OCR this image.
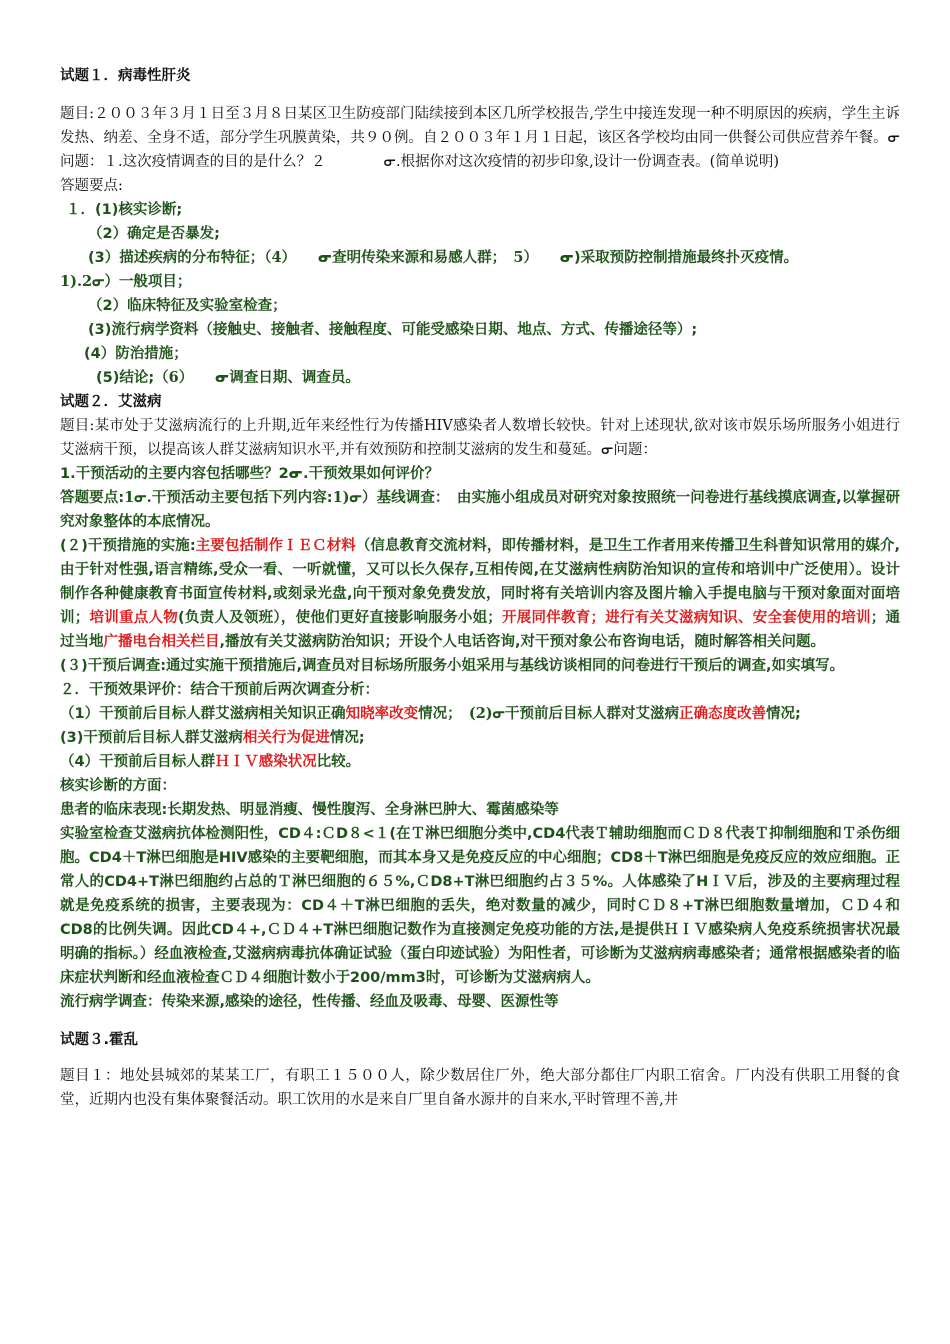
试题１．病毒性肝炎

题目:２００３年３月１日至３月８日某区卫生防疫部门陆续接到本区几所学校报告,学生中接连发现一种不明原因的疾病，学生主诉发热、纳差、全身不适，部分学生巩膜黄染，共９０例。自２００３年１月１日起，该区各学校均由同一供餐公司供应营养午餐。ᓂ问题：１.这次疫情调查的目的是什么？２　　　　ᓂ.根据你对这次疫情的初步印象,设计一份调查表。(简单说明)

答题要点:

１．(1)核实诊断;

（2）确定是否暴发;

(3）描述疾病的分布特征；（4）　　ᓂ查明传染来源和易感人群；　 5）　　ᓂ)采取预防控制措施最终扑灭疫情。

1).2ᓂ）一般项目；

（2）临床特征及实验室检查；

(3)流行病学资料（接触史、接触者、接触程度、可能受感染日期、地点、方式、传播途径等）;

(4）防治措施；

(5)结论;（6）　　ᓂ调查日期、调查员。

试题２．艾滋病

题目:某市处于艾滋病流行的上升期,近年来经性行为传播HIV感染者人数增长较快。针对上述现状,欲对该市娱乐场所服务小姐进行艾滋病干预，以提高该人群艾滋病知识水平,并有效预防和控制艾滋病的发生和蔓延。ᓂ问题：

1.干预活动的主要内容包括哪些？2ᓂ.干预效果如何评价？

答题要点:1ᓂ.干预活动主要包括下列内容:1)ᓂ）基线调查：　由实施小组成员对研究对象按照统一问卷进行基线摸底调查,以掌握研究对象整体的本底情况。

(２)干预措施的实施:主要包括制作ＩＥＣ材料（信息教育交流材料，即传播材料，是卫生工作者用来传播卫生科普知识常用的媒介,由于针对性强,语言精练,受众一看、一听就懂，又可以长久保存,互相传阅,在艾滋病性病防治知识的宣传和培训中广泛使用）。设计制作各种健康教育书面宣传材料,或刻录光盘,向干预对象免费发放，同时将有关培训内容及图片输入手提电脑与干预对象面对面培训；培训重点人物(负责人及领班），使他们更好直接影响服务小姐；开展同伴教育；进行有关艾滋病知识、安全套使用的培训；通过当地广播电台相关栏目,播放有关艾滋病防治知识；开设个人电话咨询,对干预对象公布咨询电话，随时解答相关问题。

(３)干预后调查:通过实施干预措施后,调查员对目标场所服务小姐采用与基线访谈相同的问卷进行干预后的调查,如实填写。

２．干预效果评价：结合干预前后两次调查分析：

（1）干预前后目标人群艾滋病相关知识正确知晓率改变情况；　 (2)ᓂ干预前后目标人群对艾滋病正确态度改善情况;

(3)干预前后目标人群艾滋病相关行为促进情况;

（4）干预前后目标人群ＨＩＶ感染状况比较。

核实诊断的方面：

患者的临床表现:长期发热、明显消瘦、慢性腹泻、全身淋巴肿大、霉菌感染等

实验室检查艾滋病抗体检测阳性，CD４:ＣD８<１(在Ｔ淋巴细胞分类中,CD4代表Ｔ辅助细胞而ＣＤ８代表Ｔ抑制细胞和Ｔ杀伤细胞。CD4＋T淋巴细胞是HIV感染的主要靶细胞，而其本身又是免疫反应的中心细胞；CD8＋T淋巴细胞是免疫反应的效应细胞。正常人的CD4+T淋巴细胞约占总的Ｔ淋巴细胞的６５%,ＣD8+T淋巴细胞约占３５%。人体感染了HＩＶ后，涉及的主要病理过程就是免疫系统的损害，主要表现为：CD４＋T淋巴细胞的丢失，绝对数量的减少，同时ＣＤ８+T淋巴细胞数量增加，ＣＤ４和CD8的比例失调。因此CD４+,ＣＤ４+T淋巴细胞记数作为直接测定免疫功能的方法,是提供ＨＩＶ感染病人免疫系统损害状况最明确的指标。）经血液检查,艾滋病病毒抗体确证试验（蛋白印迹试验）为阳性者，可诊断为艾滋病病毒感染者；通常根据感染者的临床症状判断和经血液检查ＣＤ４细胞计数小于200/mm3时，可诊断为艾滋病病人。

流行病学调查：传染来源,感染的途径，性传播、经血及吸毒、母婴、医源性等

试题３.霍乱

题目１：地处县城郊的某某工厂，有职工１５００人，除少数居住厂外，绝大部分都住厂内职工宿舍。厂内没有供职工用餐的食堂，近期内也没有集体聚餐活动。职工饮用的水是来自厂里自备水源井的自来水,平时管理不善,井
